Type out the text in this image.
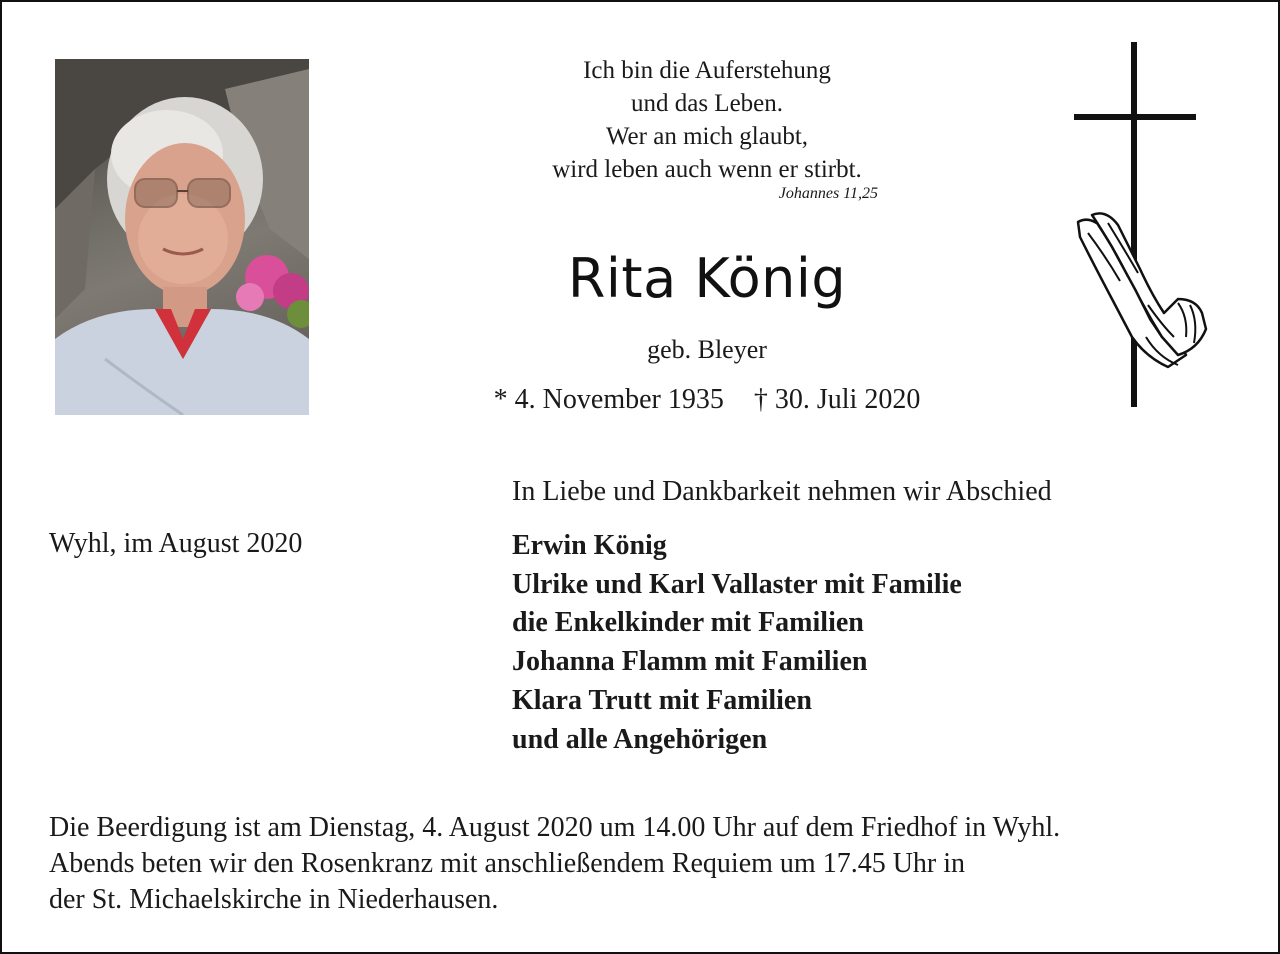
Ich bin die Auferstehung
und das Leben.
Wer an mich glaubt,
wird leben auch wenn er stirbt.
Johannes 11,25
Rita König
geb. Bleyer
* 4. November 1935 † 30. Juli 2020
In Liebe und Dankbarkeit nehmen wir Abschied
Wyhl, im August 2020	Erwin König
Ulrike und Karl Vallaster mit Familie
die Enkelkinder mit Familien
Johanna Flamm mit Familien
Klara Trutt mit Familien
und alle Angehörigen
Die Beerdigung ist am Dienstag, 4. August 2020 um 14.00 Uhr auf dem Friedhof in Wyhl.
Abends beten wir den Rosenkranz mit anschließendem Requiem um 17.45 Uhr in
der St. Michaelskirche in Niederhausen.
